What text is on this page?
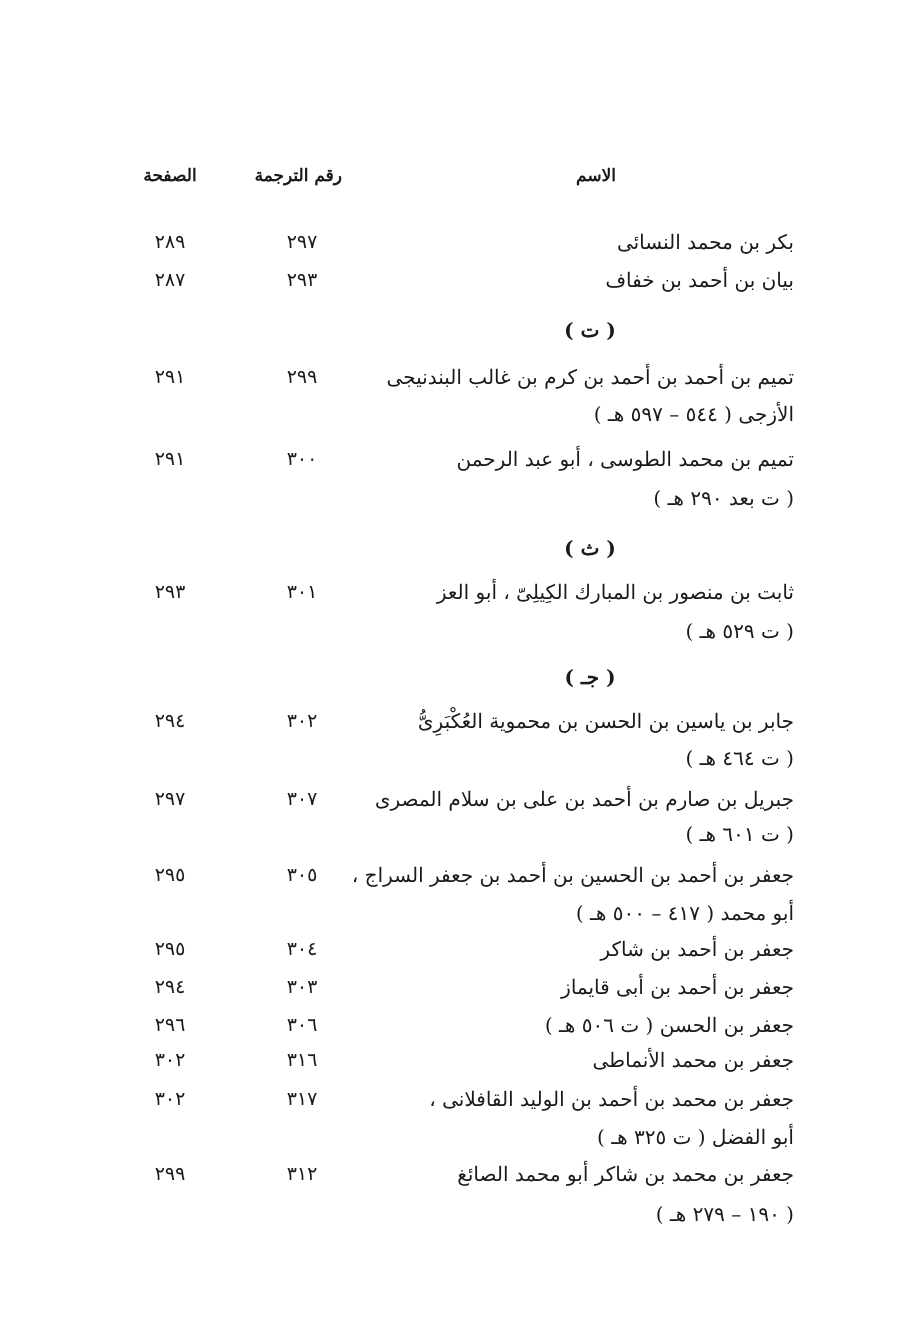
الاسم
رقم الترجمة
الصفحة
بكر بن محمد النسائى
٢٩٧
٢٨٩
بيان بن أحمد بن خفاف
٢٩٣
٢٨٧
( ت )
تميم بن أحمد بن أحمد بن كرم بن غالب البندنيجى
الأزجى ( ٥٤٤ – ٥٩٧ هـ )
٢٩٩
٢٩١
تميم بن محمد الطوسى ، أبو عبد الرحمن
( ت بعد ٢٩٠ هـ )
٣٠٠
٢٩١
( ث )
ثابت بن منصور بن المبارك الكِيلِىّ ، أبو العز
( ت ٥٢٩ هـ )
٣٠١
٢٩٣
( جـ )
جابر بن ياسين بن الحسن بن محموية العُكْبَرِىُّ
( ت ٤٦٤ هـ )
٣٠٢
٢٩٤
جبريل بن صارم بن أحمد بن على بن سلام المصرى
( ت ٦٠١ هـ )
٣٠٧
٢٩٧
جعفر بن أحمد بن الحسين بن أحمد بن جعفر السراج ،
أبو محمد ( ٤١٧ – ٥٠٠ هـ )
٣٠٥
٢٩٥
جعفر بن أحمد بن شاكر
٣٠٤
٢٩٥
جعفر بن أحمد بن أبى قايماز
٣٠٣
٢٩٤
جعفر بن الحسن ( ت ٥٠٦ هـ )
٣٠٦
٢٩٦
جعفر بن محمد الأنماطى
٣١٦
٣٠٢
جعفر بن محمد بن أحمد بن الوليد القافلانى ،
أبو الفضل ( ت ٣٢٥ هـ )
٣١٧
٣٠٢
جعفر بن محمد بن شاكر أبو محمد الصائغ
( ١٩٠ – ٢٧٩ هـ )
٣١٢
٢٩٩
